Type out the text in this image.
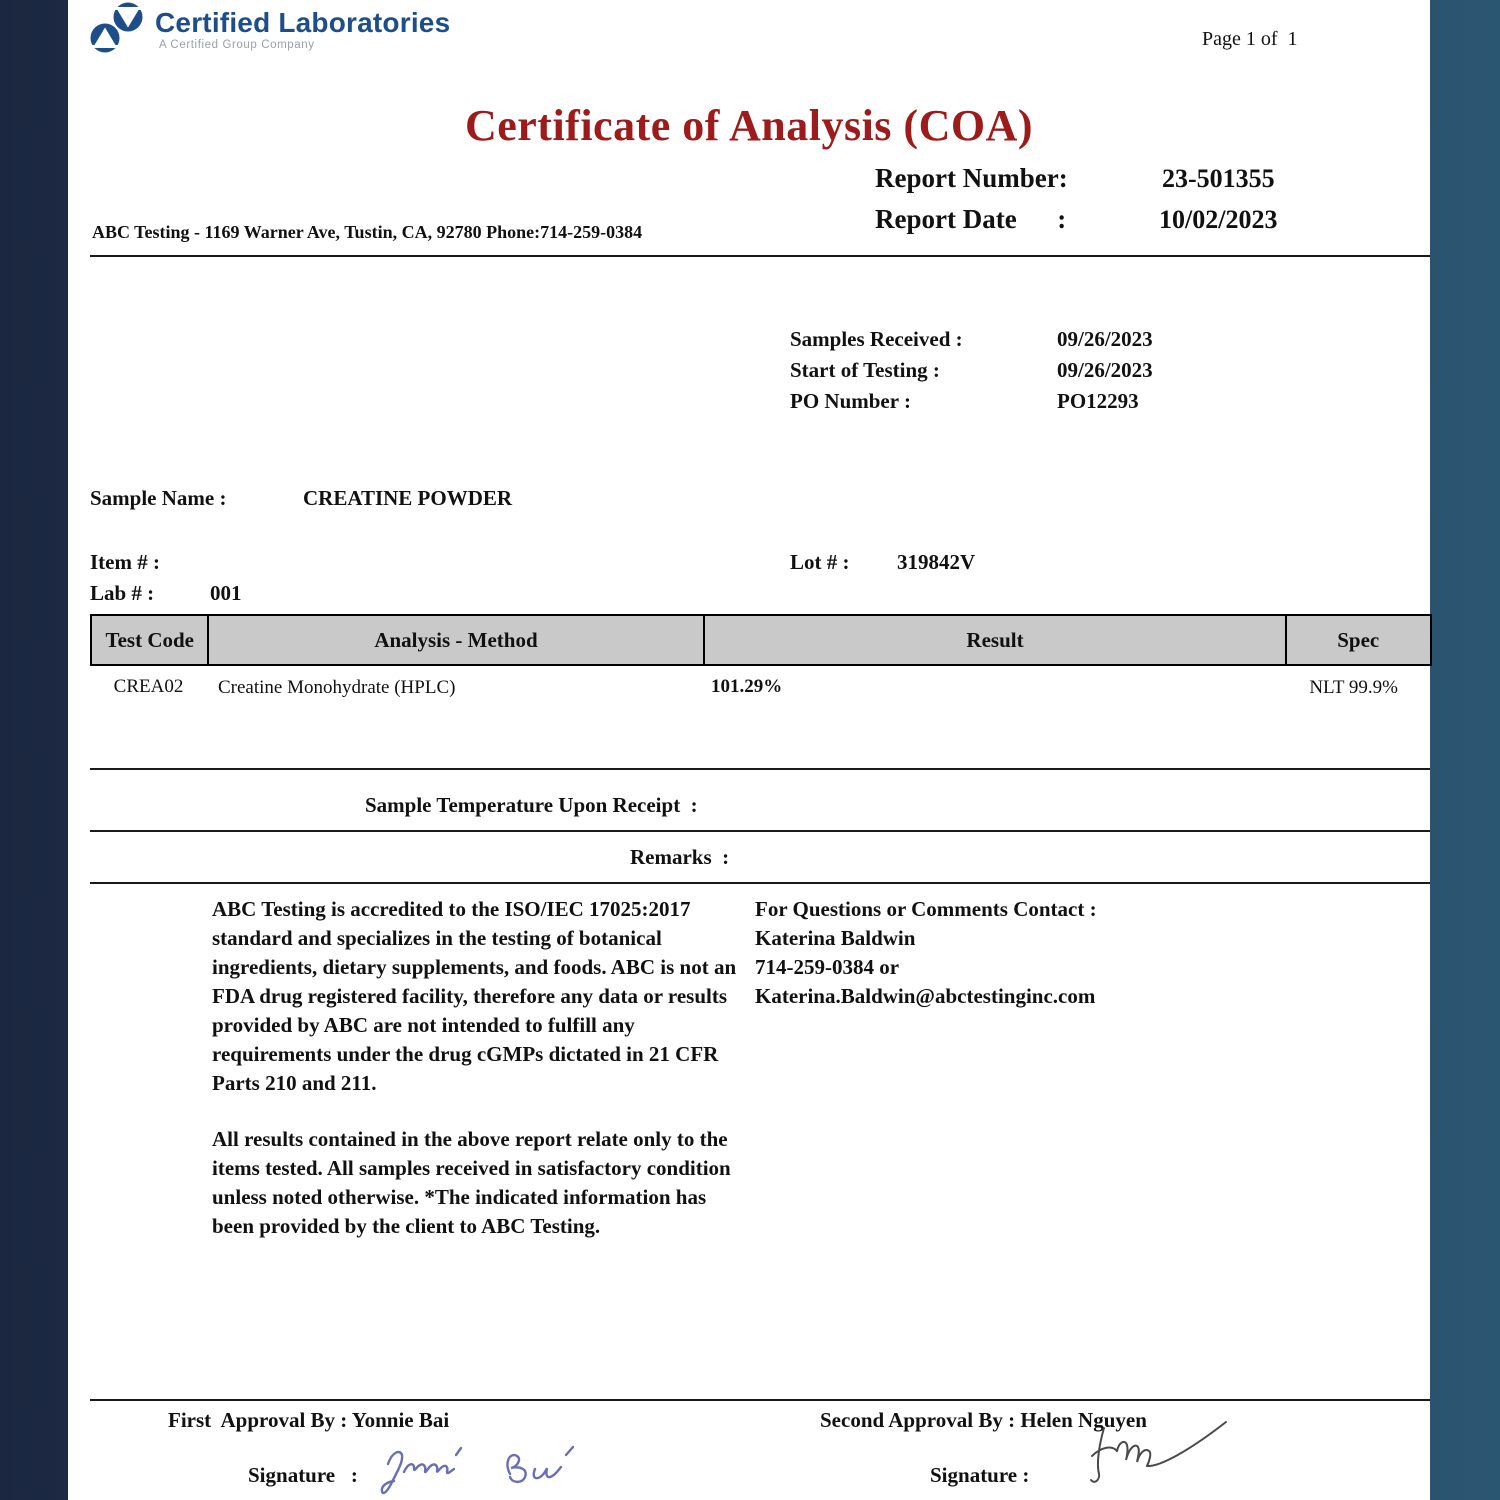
Certified Laboratories
A Certified Group Company	Page 1 of  1
Certificate of Analysis (COA)
Report Number:	23-501355
Report Date      :	10/02/2023
ABC Testing - 1169 Warner Ave, Tustin, CA, 92780 Phone:714-259-0384
Samples Received :	09/26/2023
Start of Testing :	09/26/2023
PO Number :	PO12293
Sample Name :	CREATINE POWDER
Item # :	Lot # : 319842V
Lab # :	001
Test Code	Analysis - Method	Result	Spec
CREA02	Creatine Monohydrate (HPLC)	101.29%	NLT 99.9%
Sample Temperature Upon Receipt  :
Remarks  :
ABC Testing is accredited to the ISO/IEC 17025:2017 standard and specializes in the testing of botanical ingredients, dietary supplements, and foods. ABC is not an FDA drug registered facility, therefore any data or results provided by ABC are not intended to fulfill any requirements under the drug cGMPs dictated in 21 CFR Parts 210 and 211.
For Questions or Comments Contact :
Katerina Baldwin
714-259-0384 or
Katerina.Baldwin@abctestinginc.com
All results contained in the above report relate only to the items tested. All samples received in satisfactory condition unless noted otherwise. *The indicated information has been provided by the client to ABC Testing.
First  Approval By : Yonnie Bai	Second Approval By : Helen Nguyen
Signature   :	Signature :
